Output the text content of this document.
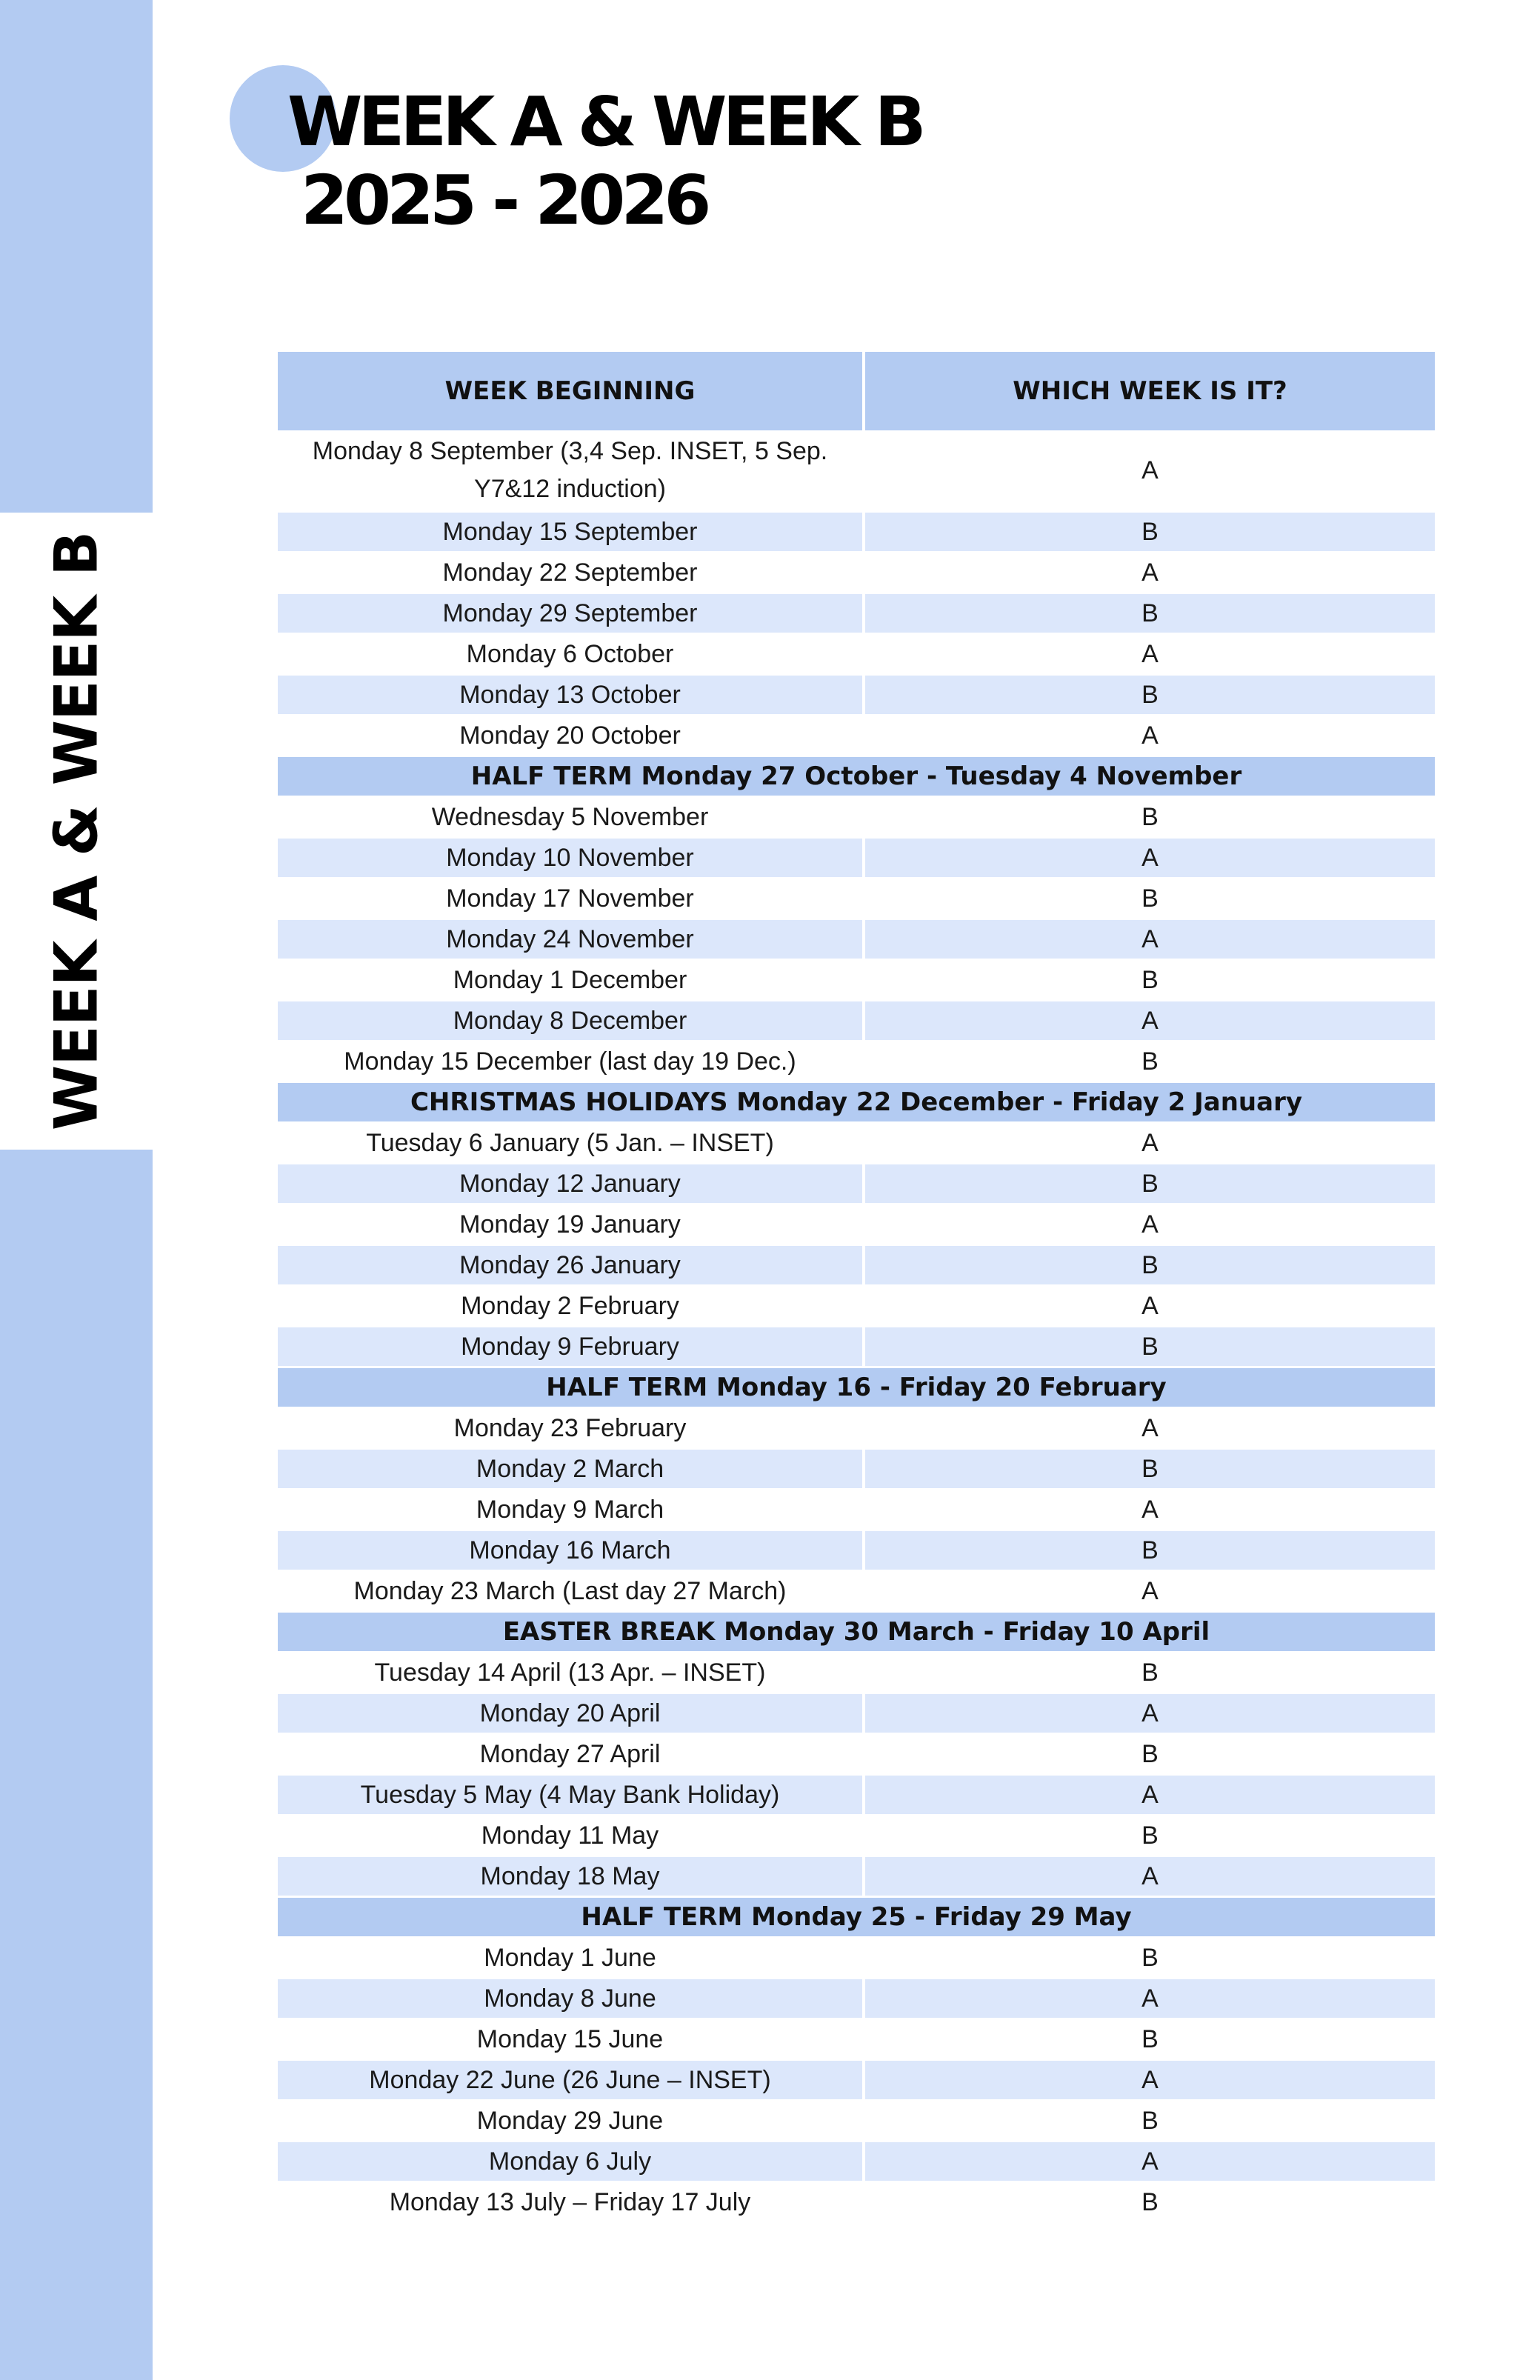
WEEK A & WEEK B
WEEK A & WEEK B
2025 - 2026
WEEK BEGINNING	WHICH WEEK IS IT?
Monday 8 September (3,4 Sep. INSET, 5 Sep. Y7&12 induction)	A
Monday 15 September	B
Monday 22 September	A
Monday 29 September	B
Monday 6 October	A
Monday 13 October	B
Monday 20 October	A
HALF TERM Monday 27 October - Tuesday 4 November	
Wednesday 5 November	B
Monday 10 November	A
Monday 17 November	B
Monday 24 November	A
Monday 1 December	B
Monday 8 December	A
Monday 15 December (last day 19 Dec.)	B
CHRISTMAS HOLIDAYS Monday 22 December - Friday 2 January	
Tuesday 6 January (5 Jan. – INSET)	A
Monday 12 January	B
Monday 19 January	A
Monday 26 January	B
Monday 2 February	A
Monday 9 February	B
HALF TERM Monday 16 - Friday 20 February	
Monday 23 February	A
Monday 2 March	B
Monday 9 March	A
Monday 16 March	B
Monday 23 March (Last day 27 March)	A
EASTER BREAK Monday 30 March - Friday 10 April	
Tuesday 14 April (13 Apr. – INSET)	B
Monday 20 April	A
Monday 27 April	B
Tuesday 5 May (4 May Bank Holiday)	A
Monday 11 May	B
Monday 18 May	A
HALF TERM Monday 25 - Friday 29 May	
Monday 1 June	B
Monday 8 June	A
Monday 15 June	B
Monday 22 June (26 June – INSET)	A
Monday 29 June	B
Monday 6 July	A
Monday 13 July – Friday 17 July	B
